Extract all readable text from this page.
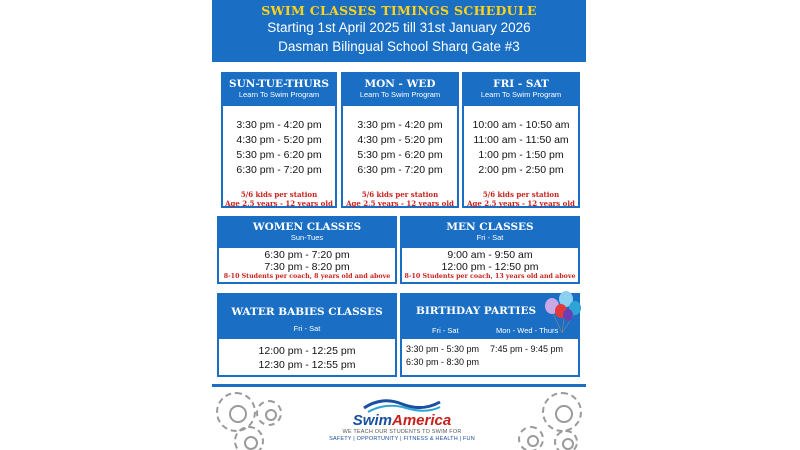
SWIM CLASSES TIMINGS SCHEDULE
Starting 1st April 2025 till 31st January 2026
Dasman Bilingual School Sharq Gate #3
SUN-TUE-THURS
Learn To Swim Program
3:30 pm - 4:20 pm
4:30 pm - 5:20 pm
5:30 pm - 6:20 pm
6:30 pm - 7:20 pm
5/6 kids per station
Age 2.5 years - 12 years old
MON - WED
Learn To Swim Program
3:30 pm - 4:20 pm
4:30 pm - 5:20 pm
5:30 pm - 6:20 pm
6:30 pm - 7:20 pm
5/6 kids per station
Age 2.5 years - 12 years old
FRI - SAT
Learn To Swim Program
10:00 am - 10:50 am
11:00 am - 11:50 am
1:00 pm - 1:50 pm
2:00 pm - 2:50 pm
5/6 kids per station
Age 2.5 years - 12 years old
WOMEN CLASSES
Sun-Tues
6:30 pm - 7:20 pm
7:30 pm - 8:20 pm
8-10 Students per coach, 8 years old and above
MEN CLASSES
Fri - Sat
9:00 am - 9:50 am
12:00 pm - 12:50 pm
8-10 Students per coach, 13 years old and above
WATER BABIES CLASSES
Fri - Sat
12:00 pm - 12:25 pm
12:30 pm - 12:55 pm
BIRTHDAY PARTIES
Fri - Sat	Mon - Wed - Thurs
3:30 pm - 5:30 pm 7:45 pm - 9:45 pm
6:30 pm - 8:30 pm
SwimAmerica
WE TEACH OUR STUDENTS TO SWIM FOR
SAFETY | OPPORTUNITY | FITNESS & HEALTH | FUN
